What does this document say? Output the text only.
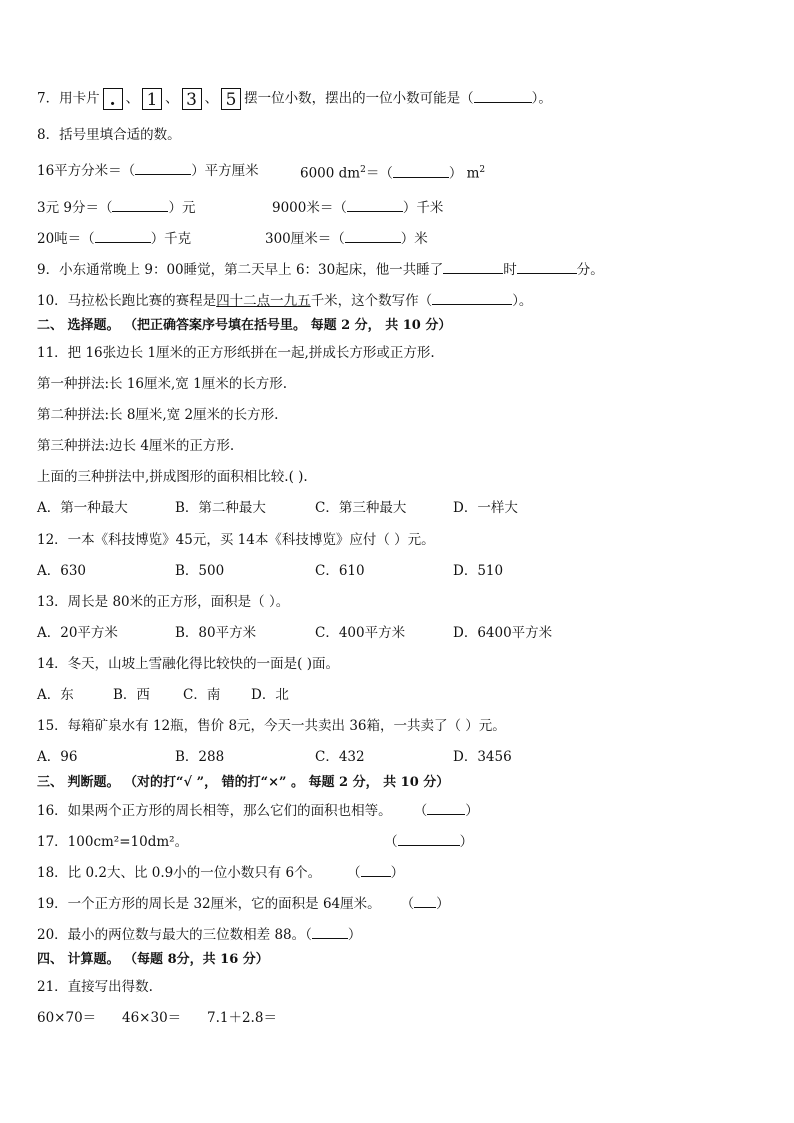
7．用卡片 . 、 1 、 3 、 5 摆一位小数，摆出的一位小数可能是（	）。
8．括号里填合适的数。
16平方分米＝（	）平方厘米	6000 $dm^2=$（	） $m^2$
3元 9分＝（	）元	9000米＝（	）千米
20吨＝（	）千克	300厘米＝（	）米
9．小东通常晚上 9：00睡觉，第二天早上 6：30起床，他一共睡了	时	分。
10．马拉松长跑比赛的赛程是四十二点一九五千米，这个数写作（	）。
二、 选择题。 （把正确答案序号填在括号里。 每题 2 分， 共 10 分）
11．把 16张边长 1厘米的正方形纸拼在一起,拼成长方形或正方形.
第一种拼法:长 16厘米,宽 1厘米的长方形.
第二种拼法:长 8厘米,宽 2厘米的长方形.
第三种拼法:边长 4厘米的正方形.
上面的三种拼法中,拼成图形的面积相比较.( ).
A．第一种最大	B．第二种最大	C．第三种最大	D．一样大
12．一本《科技博览》45元，买 14本《科技博览》应付（ ）元。
A．630	B．500	C．610	D．510
13．周长是 80米的正方形，面积是（ ）。
A．20平方米	B．80平方米	C．400平方米	D．6400平方米
14．冬天，山坡上雪融化得比较快的一面是( )面。
A．东	B．西 C．南 D．北
15．每箱矿泉水有 12瓶，售价 8元，今天一共卖出 36箱，一共卖了（ ）元。
A．96	B．288	C．432	D．3456
三、 判断题。 （对的打“√ ”， 错的打“×” 。 每题 2 分， 共 10 分）
16．如果两个正方形的周长相等，那么它们的面积也相等。 （	）
17．100cm²=10dm²。	（	）
18．比 0.2大、比 0.9小的一位小数只有 6个。 （ ）
19．一个正方形的周长是 32厘米，它的面积是 64厘米。 （ ）
20．最小的两位数与最大的三位数相差 88。（	）
四、 计算题。 （每题 8分，共 16 分）
21．直接写出得数.
60×70＝ 46×30＝ 7.1＋2.8＝
